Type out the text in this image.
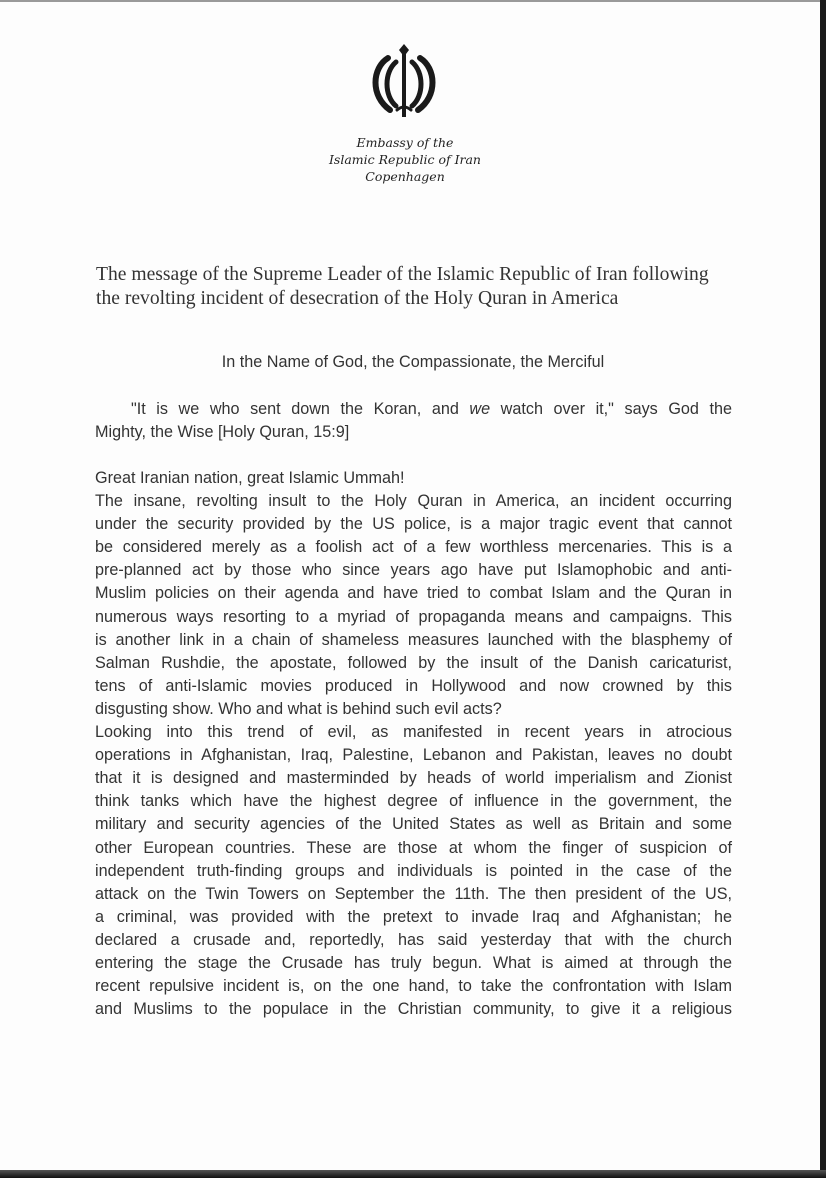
Embassy of the
Islamic Republic of Iran
Copenhagen
The message of the Supreme Leader of the Islamic Republic of Iran following
the revolting incident of desecration of the Holy Quran in America
In the Name of God, the Compassionate, the Merciful
"It is we who sent down the Koran, and we watch over it," says God the
Mighty, the Wise [Holy Quran, 15:9]
Great Iranian nation, great Islamic Ummah!
The insane, revolting insult to the Holy Quran in America, an incident occurring
under the security provided by the US police, is a major tragic event that cannot
be considered merely as a foolish act of a few worthless mercenaries. This is a
pre-planned act by those who since years ago have put Islamophobic and anti-
Muslim policies on their agenda and have tried to combat Islam and the Quran in
numerous ways resorting to a myriad of propaganda means and campaigns. This
is another link in a chain of shameless measures launched with the blasphemy of
Salman Rushdie, the apostate, followed by the insult of the Danish caricaturist,
tens of anti-Islamic movies produced in Hollywood and now crowned by this
disgusting show. Who and what is behind such evil acts?
Looking into this trend of evil, as manifested in recent years in atrocious
operations in Afghanistan, Iraq, Palestine, Lebanon and Pakistan, leaves no doubt
that it is designed and masterminded by heads of world imperialism and Zionist
think tanks which have the highest degree of influence in the government, the
military and security agencies of the United States as well as Britain and some
other European countries. These are those at whom the finger of suspicion of
independent truth-finding groups and individuals is pointed in the case of the
attack on the Twin Towers on September the 11th. The then president of the US,
a criminal, was provided with the pretext to invade Iraq and Afghanistan; he
declared a crusade and, reportedly, has said yesterday that with the church
entering the stage the Crusade has truly begun. What is aimed at through the
recent repulsive incident is, on the one hand, to take the confrontation with Islam
and Muslims to the populace in the Christian community, to give it a religious
